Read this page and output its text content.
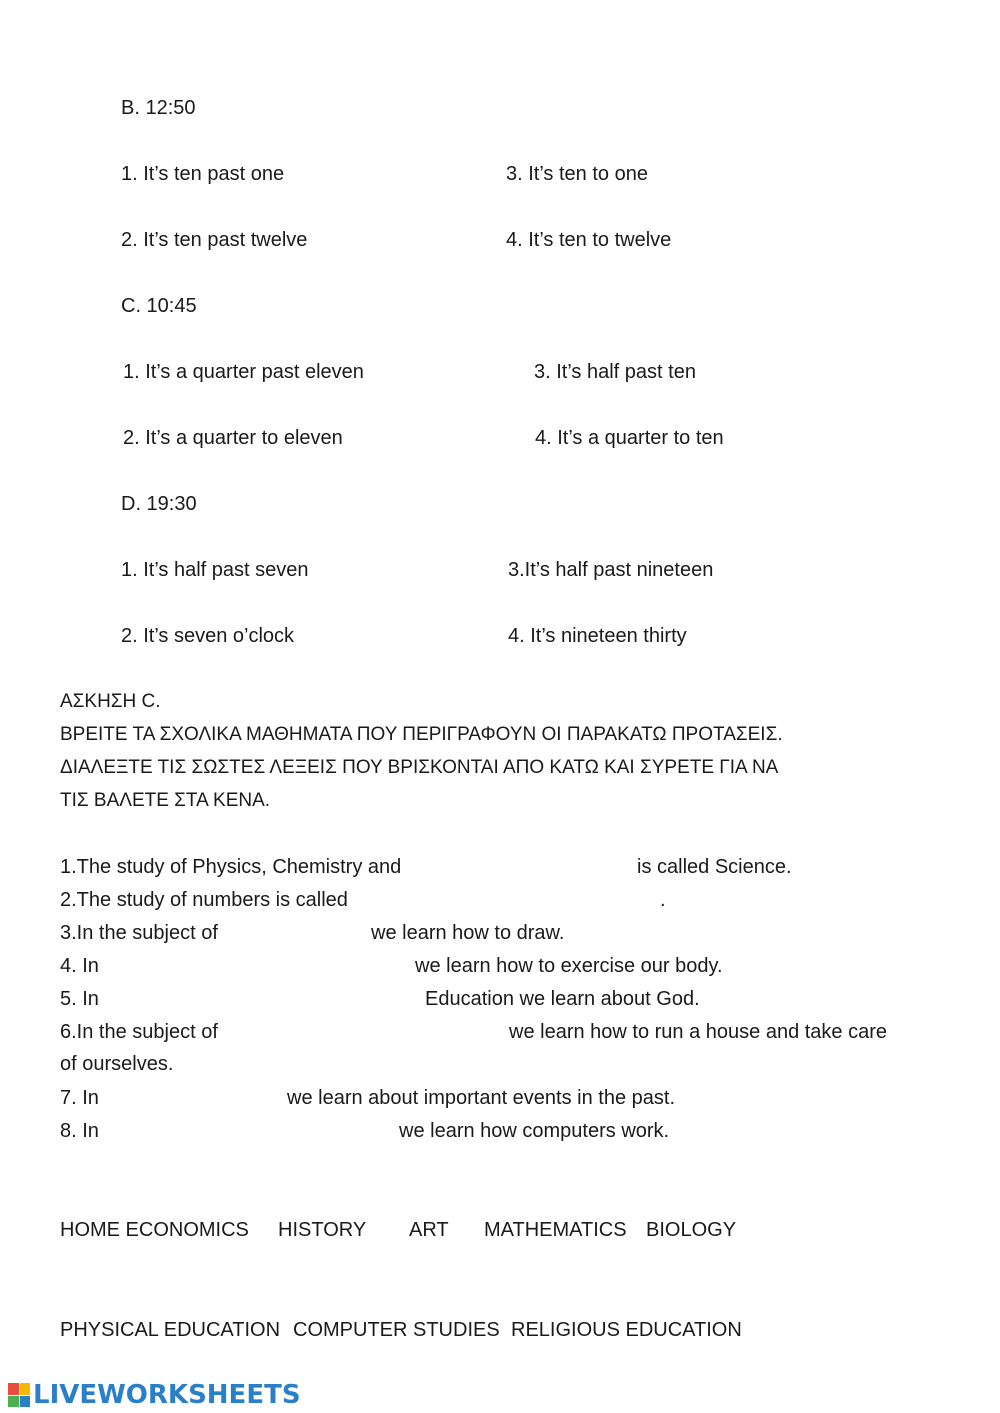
B. 12:50
1. It’s ten past one	3. It’s ten to one
2. It’s ten past twelve	4. It’s ten to twelve
C. 10:45
1. It’s a quarter past eleven	3. It’s half past ten
2. It’s a quarter to eleven	4. It’s a quarter to ten
D. 19:30
1. It’s half past seven	3.It’s half past nineteen
2. It’s seven o’clock	4. It’s nineteen thirty
ΑΣΚΗΣΗ C.
ΒΡΕΙΤΕ ΤΑ ΣΧΟΛΙΚΑ ΜΑΘΗΜΑΤΑ ΠΟΥ ΠΕΡΙΓΡΑΦΟΥΝ ΟΙ ΠΑΡΑΚΑΤΩ ΠΡΟΤΑΣΕΙΣ.
ΔΙΑΛΕΞΤΕ ΤΙΣ ΣΩΣΤΕΣ ΛΕΞΕΙΣ ΠΟΥ ΒΡΙΣΚΟΝΤΑΙ ΑΠΟ ΚΑΤΩ ΚΑΙ ΣΥΡΕΤΕ ΓΙΑ ΝΑ
ΤΙΣ ΒΑΛΕΤΕ ΣΤΑ ΚΕΝΑ.
1.The study of Physics, Chemistry and	is called Science.
2.The study of numbers is called	.
3.In the subject of	we learn how to draw.
4. In	we learn how to exercise our body.
5. In	Education we learn about God.
6.In the subject of	we learn how to run a house and take care
of ourselves.
7. In	we learn about important events in the past.
8. In	we learn how computers work.
HOME ECONOMICS HISTORY ART MATHEMATICS BIOLOGY
PHYSICAL EDUCATION COMPUTER STUDIES RELIGIOUS EDUCATION
LIVEWORKSHEETS
